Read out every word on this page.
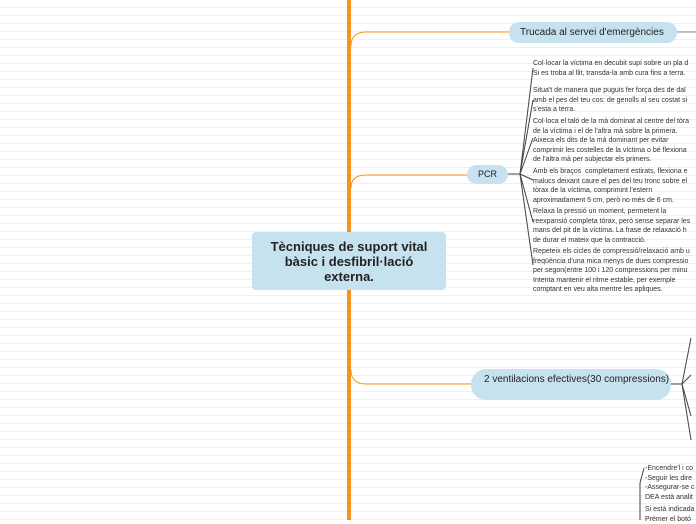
Tècniques de suport vital bàsic i desfibril·lació externa.
Trucada al servei d'emergències
PCR
2 ventilacions efectives(30 compressions)

Col·locar la víctima en decubit supí sobre un pla d
Si es troba al llit, transda-la amb cura fins a terra.

Situa't de manera que puguis fer força des de dal
amb el pes del teu cos: de genolls al seu costat si
s'esta a terra.

Col·loca el taló de la mà dominat al centre del tòra
de la víctima i el de l'altra mà sobre la primera.
Aixeca els dits de la mà dominant per evitar
comprimir les costelles de la víctima o bé flexiona
de l'altra mà per subjectar els primers.

Amb els braços  completament estirats, flexiona e
malucs deixant caure el pes del teu tronc sobre el
tòrax de la víctima, comprimint l'estern
aproximadament 5 cm, però no més de 6 cm.

Relaxa la pressió un moment, permetent la
reexpansió completa tòrax, però sense separar les
mans del pit de la víctima. La frase de relaxació h
de durar el mateix que la contracció.

Repeteix els cicles de compressió/relaxació amb u
freqüència d'una mica menys de dues compressio
per segon(entre 100 i 120 compressions per minu
Intenta mantenir el ritme estable, per exemple
comptant en veu alta mentre les apliques.

-Encendre'l i co
-Seguir les dire
-Assegurar-se c
DEA està analit

Si està indicada
Prémer el botó
